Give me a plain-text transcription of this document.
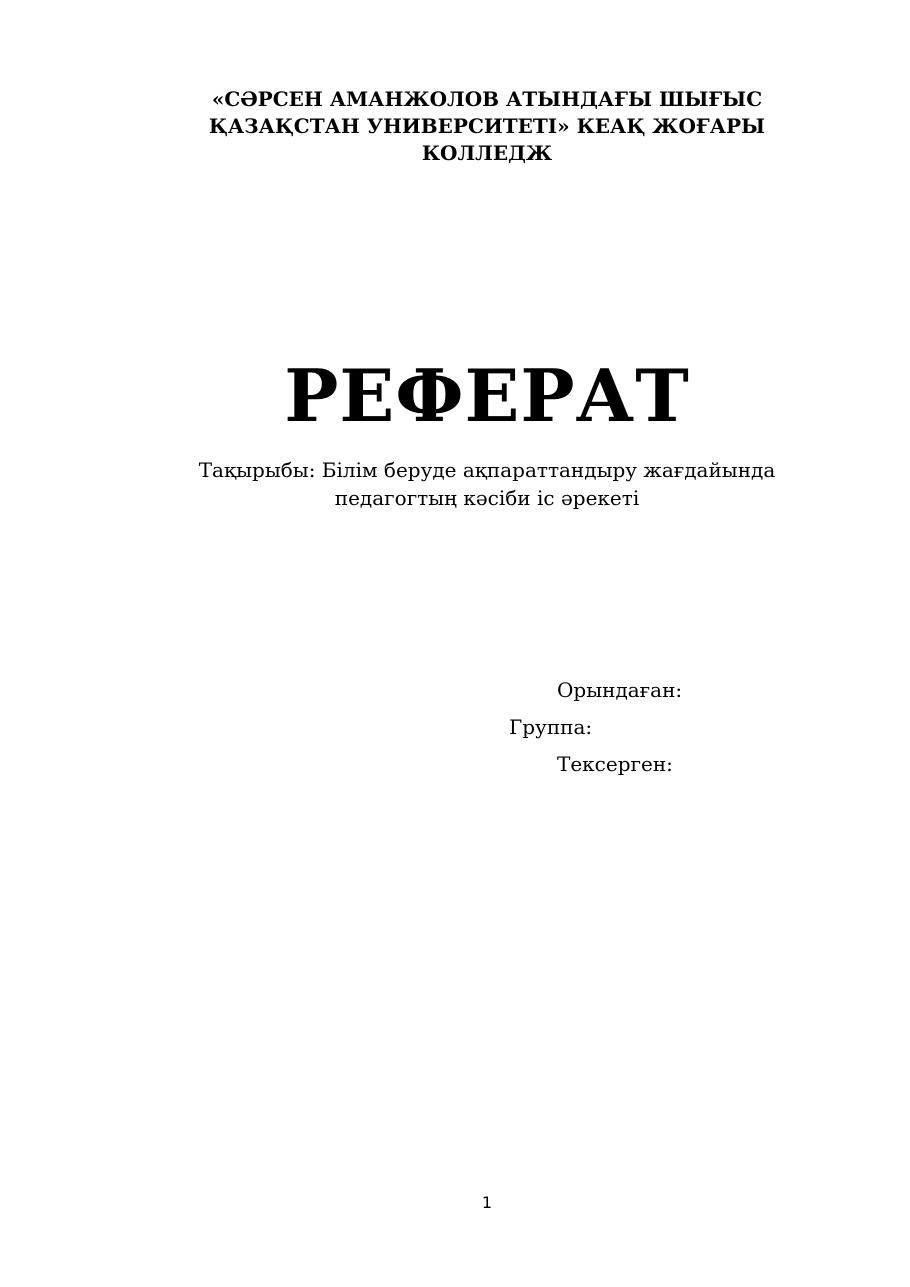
«СӘРСЕН АМАНЖОЛОВ АТЫНДАҒЫ ШЫҒЫС
ҚАЗАҚСТАН УНИВЕРСИТЕТІ» КЕАҚ ЖОҒАРЫ
КОЛЛЕДЖ
РЕФЕРАТ
Тақырыбы: Білім беруде ақпараттандыру жағдайында
педагогтың кәсіби іс әрекеті
Орындаған:
Группа:
Тексерген:
1
